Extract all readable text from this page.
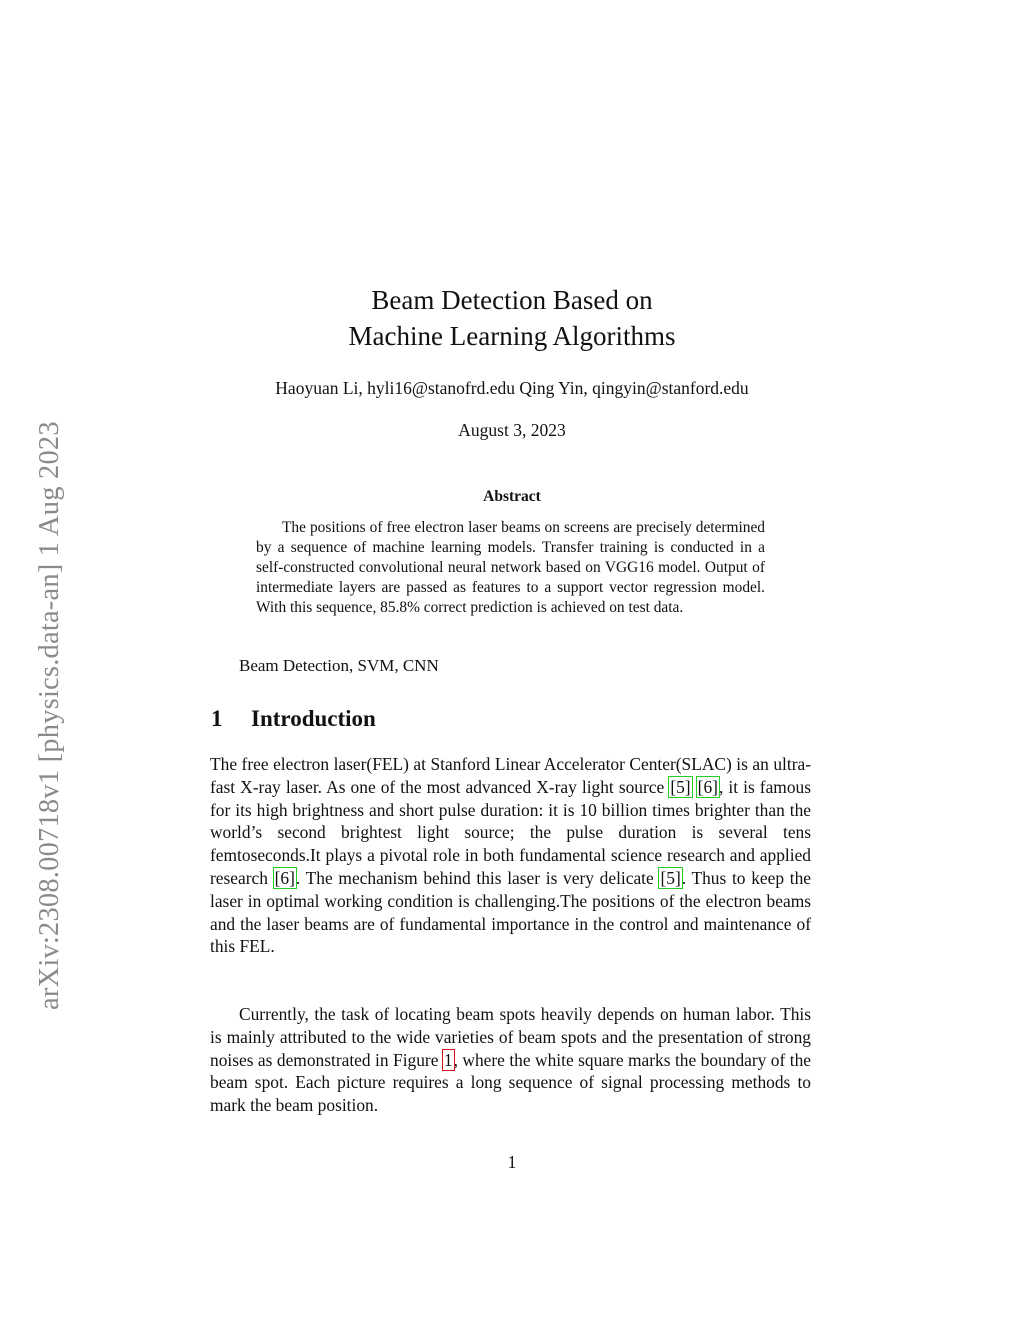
arXiv:2308.00718v1 [physics.data-an] 1 Aug 2023
Beam Detection Based on
Machine Learning Algorithms
Haoyuan Li, hyli16@stanofrd.edu Qing Yin, qingyin@stanford.edu
August 3, 2023
Abstract
The positions of free electron laser beams on screens are precisely determined by a sequence of machine learning models. Transfer training is conducted in a self-constructed convolutional neural network based on VGG16 model. Output of intermediate layers are passed as features to a support vector regression model. With this sequence, 85.8% correct prediction is achieved on test data.
Beam Detection, SVM, CNN
1 Introduction
The free electron laser(FEL) at Stanford Linear Accelerator Center(SLAC) is an ultra-fast X-ray laser. As one of the most advanced X-ray light source [5] [6], it is famous for its high brightness and short pulse duration: it is 10 billion times brighter than the world’s second brightest light source; the pulse duration is several tens femtoseconds.It plays a pivotal role in both fundamental science research and applied research [6]. The mechanism behind this laser is very delicate [5]. Thus to keep the laser in optimal working condition is challenging.The positions of the electron beams and the laser beams are of fundamental importance in the control and maintenance of this FEL.
Currently, the task of locating beam spots heavily depends on human labor. This is mainly attributed to the wide varieties of beam spots and the presentation of strong noises as demonstrated in Figure 1, where the white square marks the boundary of the beam spot. Each picture requires a long sequence of signal processing methods to mark the beam position.
1
